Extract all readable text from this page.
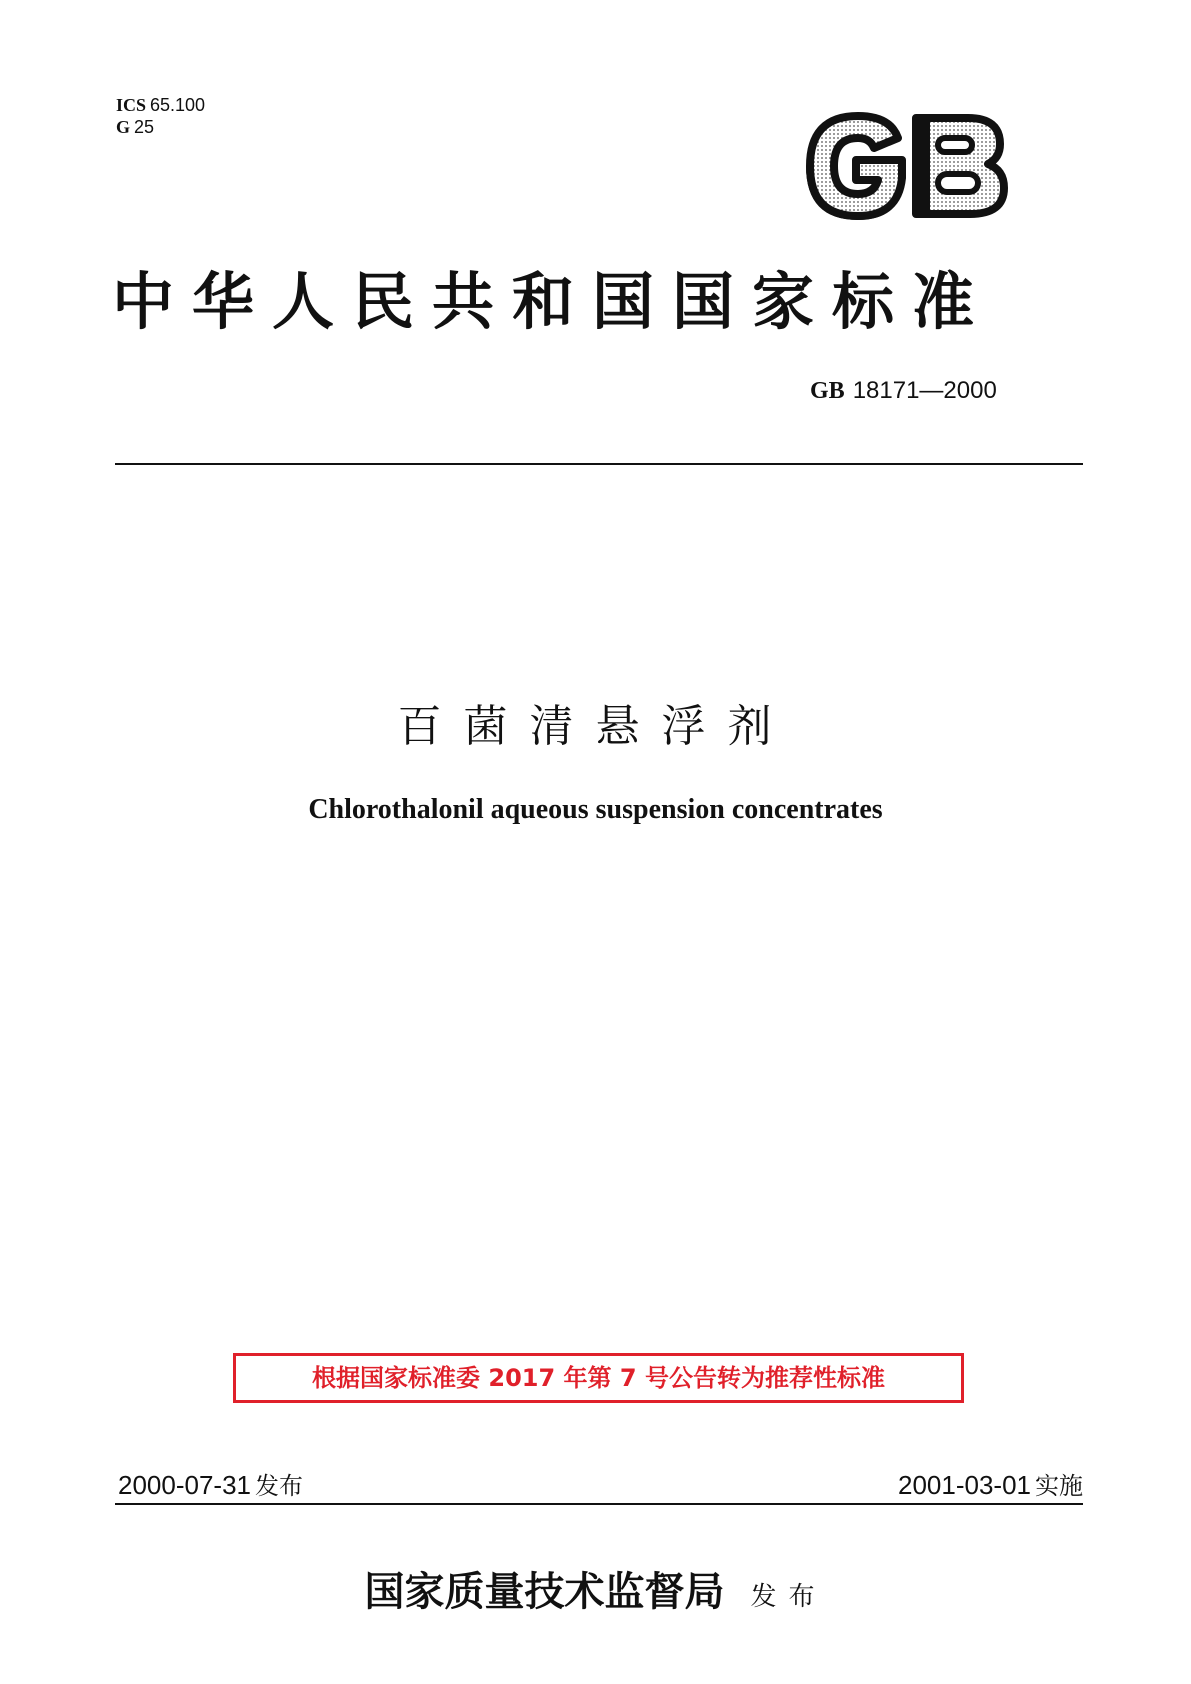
ICS 65.100
G 25
GB
中华人民共和国国家标准
GB 18171—2000
百菌清悬浮剂
Chlorothalonil aqueous suspension concentrates
根据国家标准委 2017 年第 7 号公告转为推荐性标准
2000-07-31 发布	2001-03-01 实施
国家质量技术监督局 发布
